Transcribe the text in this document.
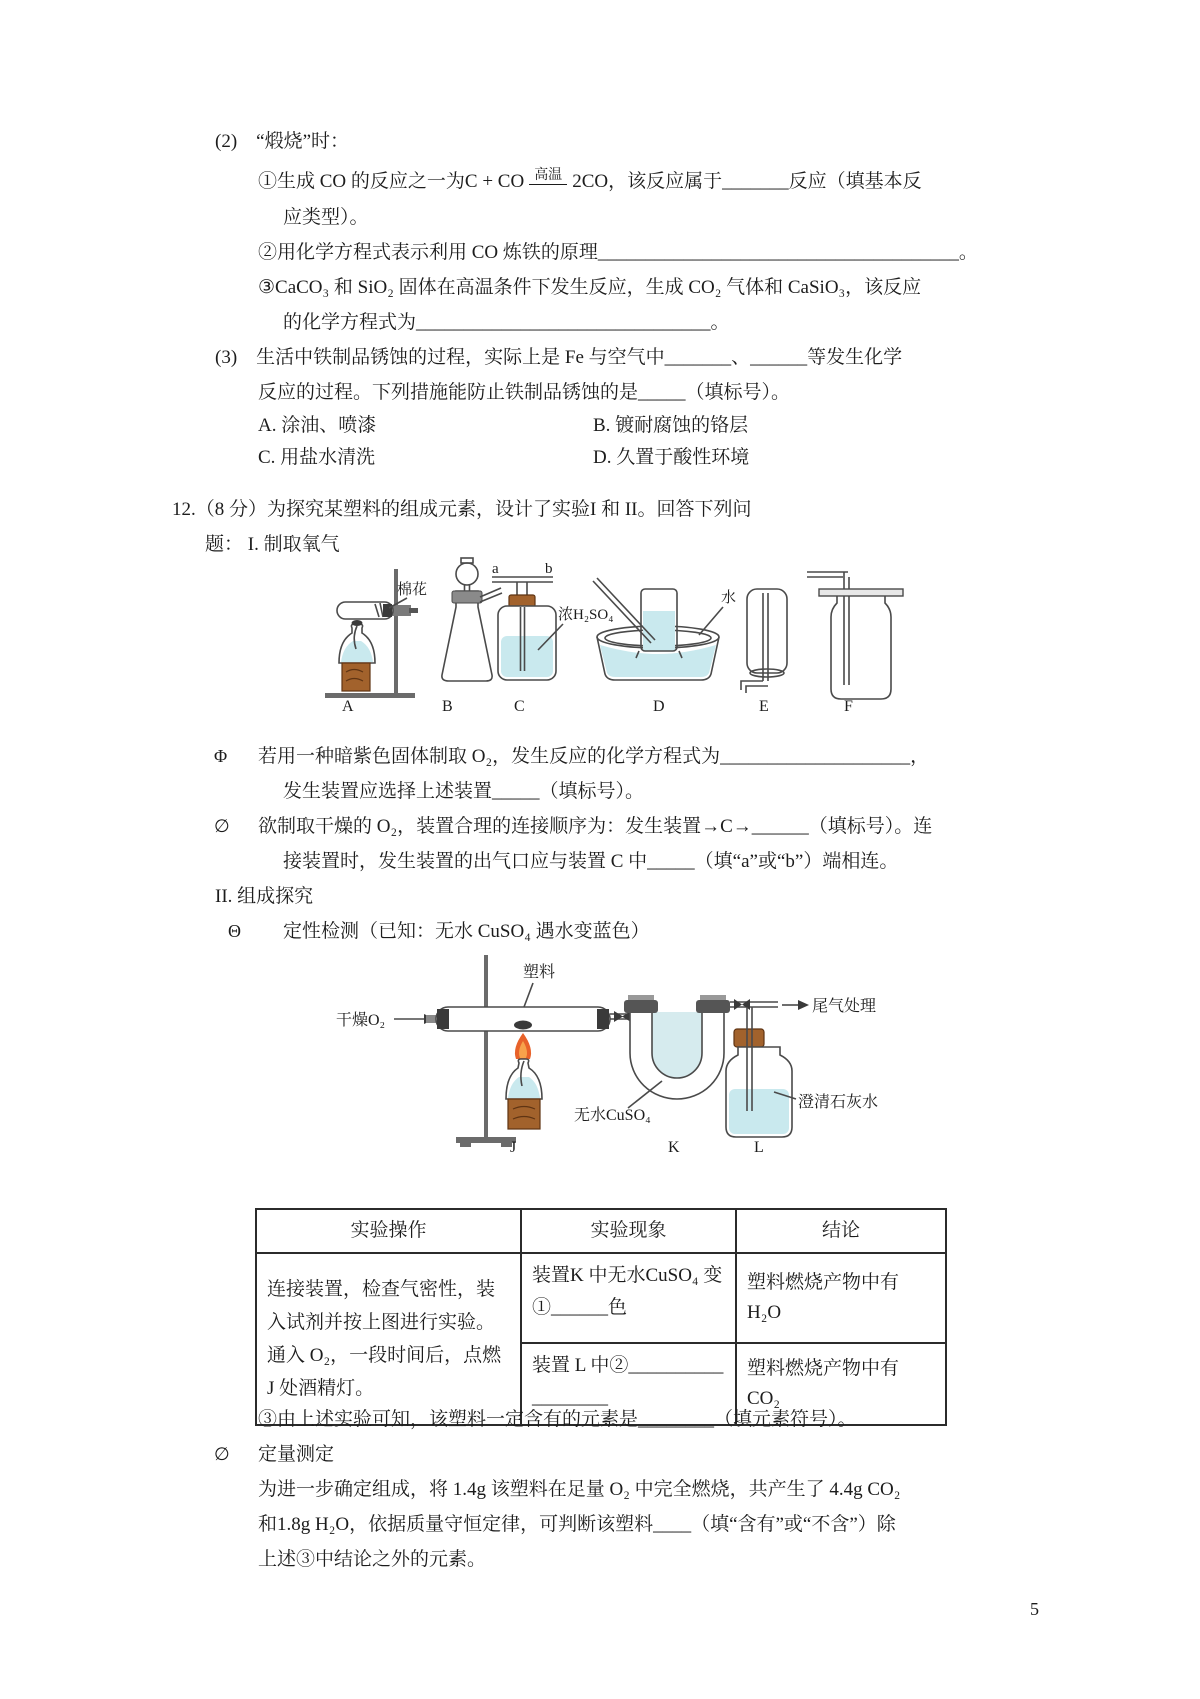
(2)　“煅烧”时：
①生成 CO 的反应之一为C + CO 高温 2CO，该反应属于_______反应（填基本反
应类型）。
②用化学方程式表示利用 CO 炼铁的原理______________________________________。
③CaCO₃ 和 SiO₂ 固体在高温条件下发生反应，生成 CO₂ 气体和 CaSiO₃，该反应
的化学方程式为_______________________________。
(3)　生活中铁制品锈蚀的过程，实际上是 Fe 与空气中_______、______等发生化学
反应的过程。下列措施能防止铁制品锈蚀的是_____（填标号）。
A. 涂油、喷漆	B. 镀耐腐蚀的铬层
C. 用盐水清洗	D. 久置于酸性环境
12.（8 分）为探究某塑料的组成元素，设计了实验I 和 II。回答下列问
题： I. 制取氧气
棉花
A	B
a	b
浓H₂SO₄
C
水
D	E	F
Φ 若用一种暗紫色固体制取 O₂，发生反应的化学方程式为____________________，
发生装置应选择上述装置_____（填标号）。
∅ 欲制取干燥的 O₂，装置合理的连接顺序为：发生装置→C→______（填标号）。连
接装置时，发生装置的出气口应与装置 C 中_____（填“a”或“b”）端相连。
II. 组成探究
Θ 定性检测（已知：无水 CuSO₄ 遇水变蓝色）
干燥O₂
塑料
J
无水CuSO₄
K
尾气处理
澄清石灰水
L
实验操作	实验现象	结论
连接装置，检查气密性，装入试剂并按上图进行实验。通入 O₂，一段时间后，点燃 J 处酒精灯。	装置K 中无水CuSO₄ 变①______色	塑料燃烧产物中有 H₂O
	装置 L 中②__________________	塑料燃烧产物中有 CO₂
③由上述实验可知，该塑料一定含有的元素是________（填元素符号）。
∅ 定量测定
为进一步确定组成，将 1.4g 该塑料在足量 O₂ 中完全燃烧，共产生了 4.4g CO₂
和1.8g H₂O，依据质量守恒定律，可判断该塑料____（填“含有”或“不含”）除
上述③中结论之外的元素。
5
